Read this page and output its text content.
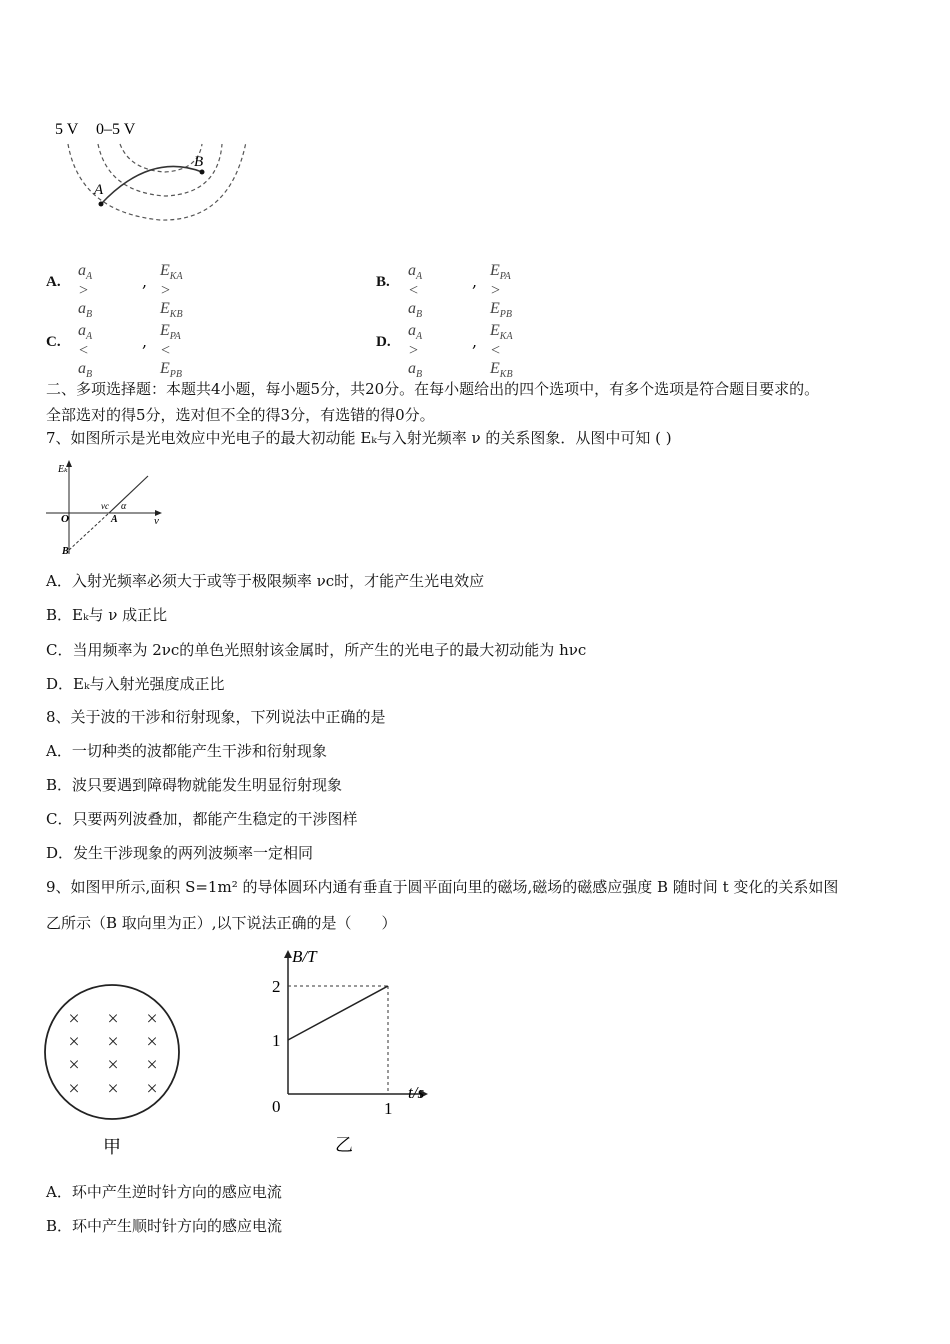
5 V 0–5 V
A
B
A.
$a_A > a_B$
,
$E_{KA} > E_{KB}$
B.
$a_A < a_B$
,
$E_{PA} > E_{PB}$
C.
$a_A < a_B$
,
$E_{PA} < E_{PB}$
D.
$a_A > a_B$
,
$E_{KA} < E_{KB}$
二、多项选择题：本题共4小题，每小题5分，共20分。在每小题给出的四个选项中，有多个选项是符合题目要求的。
全部选对的得5分，选对但不全的得3分，有选错的得0分。
7、如图所示是光电效应中光电子的最大初动能 Eₖ与入射光频率 ν 的关系图象．从图中可知 ( )
Eₖ
O	ν
νc α
A
B
A．入射光频率必须大于或等于极限频率 νc时，才能产生光电效应
B．Eₖ与 ν 成正比
C．当用频率为 2νc的单色光照射该金属时，所产生的光电子的最大初动能为 hνc
D．Eₖ与入射光强度成正比
8、关于波的干涉和衍射现象，下列说法中正确的是
A．一切种类的波都能产生干涉和衍射现象
B．波只要遇到障碍物就能发生明显衍射现象
C．只要两列波叠加，都能产生稳定的干涉图样
D．发生干涉现象的两列波频率一定相同
9、如图甲所示,面积 S=1m² 的导体圆环内通有垂直于圆平面向里的磁场,磁场的磁感应强度 B 随时间 t 变化的关系如图
乙所示（B 取向里为正）,以下说法正确的是（　　）
× × ×
× × ×
× × ×
× × ×
甲
B/T
t/s
0
1
2
1
乙
A．环中产生逆时针方向的感应电流
B．环中产生顺时针方向的感应电流
